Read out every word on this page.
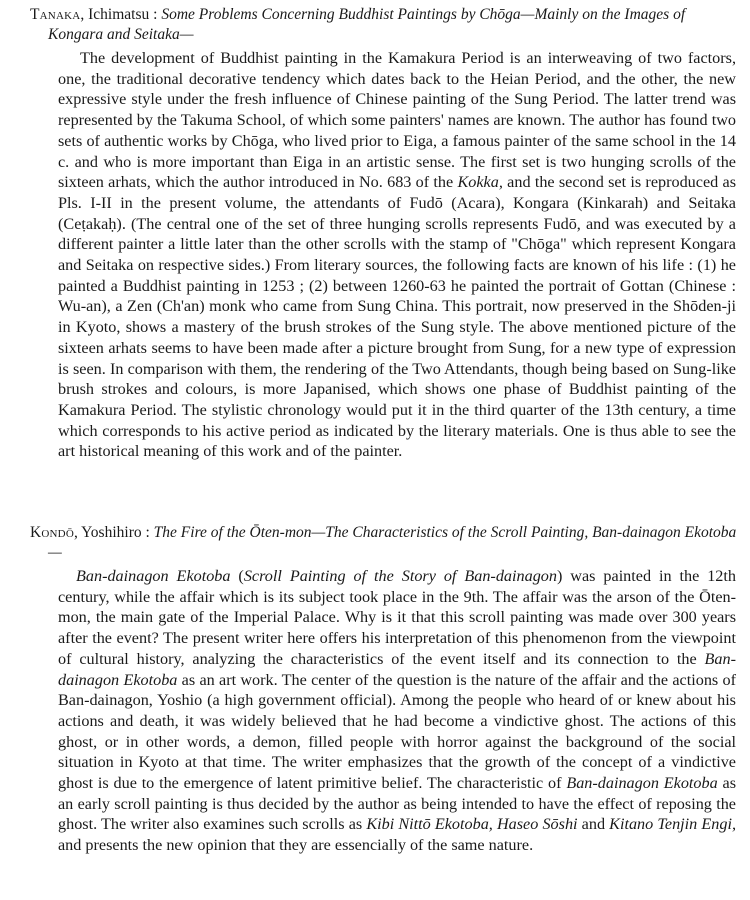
Tanaka, Ichimatsu : Some Problems Concerning Buddhist Paintings by Chōga—Mainly on the Images of Kongara and Seitaka—

The development of Buddhist painting in the Kamakura Period is an interweaving of two factors, one, the traditional decorative tendency which dates back to the Heian Period, and the other, the new expressive style under the fresh influence of Chinese painting of the Sung Period. The latter trend was represented by the Takuma School, of which some painters' names are known. The author has found two sets of authentic works by Chōga, who lived prior to Eiga, a famous painter of the same school in the 14 c. and who is more important than Eiga in an artistic sense. The first set is two hunging scrolls of the sixteen arhats, which the author introduced in No. 683 of the Kokka, and the second set is reproduced as Pls. I-II in the present volume, the attendants of Fudō (Acara), Kongara (Kinkarah) and Seitaka (Ceṭakaḥ). (The central one of the set of three hunging scrolls represents Fudō, and was executed by a different painter a little later than the other scrolls with the stamp of "Chōga" which represent Kongara and Seitaka on respective sides.) From literary sources, the following facts are known of his life : (1) he painted a Buddhist painting in 1253 ; (2) between 1260-63 he painted the portrait of Gottan (Chinese : Wu-an), a Zen (Ch'an) monk who came from Sung China. This portrait, now preserved in the Shōden-ji in Kyoto, shows a mastery of the brush strokes of the Sung style. The above mentioned picture of the sixteen arhats seems to have been made after a picture brought from Sung, for a new type of expression is seen. In comparison with them, the rendering of the Two Attendants, though being based on Sung-like brush strokes and colours, is more Japanised, which shows one phase of Buddhist painting of the Kamakura Period. The stylistic chronology would put it in the third quarter of the 13th century, a time which corresponds to his active period as indicated by the literary materials. One is thus able to see the art historical meaning of this work and of the painter.

Kondō, Yoshihiro : The Fire of the Ōten-mon—The Characteristics of the Scroll Painting, Ban-dainagon Ekotoba—

Ban-dainagon Ekotoba (Scroll Painting of the Story of Ban-dainagon) was painted in the 12th century, while the affair which is its subject took place in the 9th. The affair was the arson of the Ōten-mon, the main gate of the Imperial Palace. Why is it that this scroll painting was made over 300 years after the event? The present writer here offers his interpretation of this phenomenon from the viewpoint of cultural history, analyzing the characteristics of the event itself and its connection to the Ban-dainagon Ekotoba as an art work. The center of the question is the nature of the affair and the actions of Ban-dainagon, Yoshio (a high government official). Among the people who heard of or knew about his actions and death, it was widely believed that he had become a vindictive ghost. The actions of this ghost, or in other words, a demon, filled people with horror against the background of the social situation in Kyoto at that time. The writer emphasizes that the growth of the concept of a vindictive ghost is due to the emergence of latent primitive belief. The characteristic of Ban-dainagon Ekotoba as an early scroll painting is thus decided by the author as being intended to have the effect of reposing the ghost. The writer also examines such scrolls as Kibi Nittō Ekotoba, Haseo Sōshi and Kitano Tenjin Engi, and presents the new opinion that they are essencially of the same nature.
